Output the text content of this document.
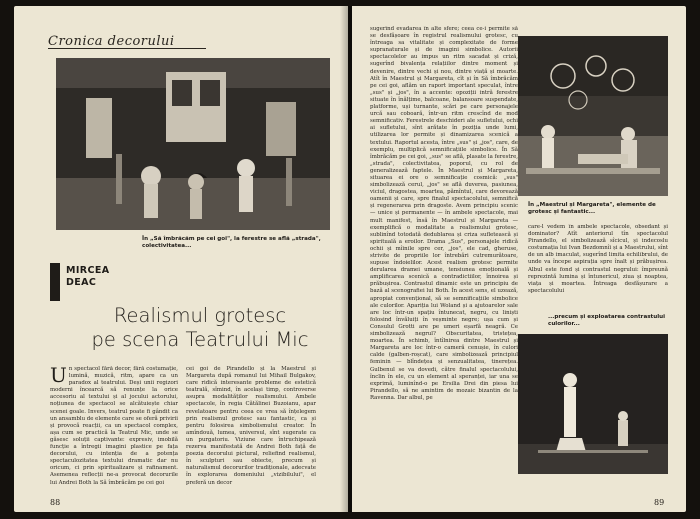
Cronica decorului
În „Să îmbrăcăm pe cei goi", la ferestre se află „strada", colectivitatea...
MIRCEA
DEAC
Realismul grotesc
pe scena Teatrului Mic
U n spectacol fără decor, fără costumație, lumină, muzică, ritm, apare ca un paradox al teatrului. Deși unii regizori moderni încearcă să renunțe la orice accesoriu al textului și al jocului actorului, noțiunea de spectacol se alcătuiește chiar scenei goale. Invers, teatrul poate fi gândit ca un ansamblu de elemente care se oferă privirii și provocă reacții, ca un spectacol complex, așa cum se practică la Teatrul Mic, unde se găsesc soluții captivante: expresiv, imobilă funcție a întregii imagini plastice pe fața decorului, cu intenția de a potența spectaculozitatea textului dramatic dar nu oricum, ci prin spiritualizare și rafinament. Asemenea reflecții ne-a provocat decorurile lui Andrei Both la Să îmbrăcăm pe cei goi
cei goi de Pirandello și la Maestrul și Margareta după romanul lui Mihail Bulgakov, care ridică interesante probleme de estetică teatrală, sîmind, în același timp, controverse asupra modalităților realismului. Ambele spectacole, în regia Cătălinei Buzoianu, apar revelatoare pentru ceea ce vrea să înțelegem prin realismul grotesc sau fantastic, ca și pentru folosirea simbolismului creator. În amîndouă, lumea, universul, sînt sugerate ca un purgatoriu. Viziune care întruchipează rezerva manifestată de Andrei Both față de poezia decorului pictural, reliefind realismul, în sculpturi sau obiecte, precum și naturalismul decorurilor tradiționale, adecvate în explorarea domeniului „vizibilului", el preferă un decor
88
sugerînd evadarea în alte sfere; ceea ce-i permite să se desfășoare în registrul realismului grotesc, cu întreaga sa vitalitate și complexitate de forme supranaturale și de imagini simbolice. Autorii spectacolelor au impus un ritm sacadat și criză, sugerînd bivalența relațiilor dintre moment și devenire, dintre vechi și nou, dintre viață și moarte. Atît în Maestrul și Margareta, cît și în Să îmbrăcăm pe cei goi, aflăm un raport important speculat, între „sus" și „jos", în a accente: opoziții intră ferestre situate în înălțime, balcoane, balansoare suspendate, platforme, uși turnante, scări pe care personajele urcă sau coboară, într-un ritm crescînd de mod semnificativ. Ferestrele deschideri ale sufletului, ochi ai sufletului, sînt arătate în poziția unde lumi, utilizarea lor permite și dinamizarea scenică a textului. Raportul acesta, între „sus" și „jos", care, de exemplu, multiplică semnificațiile simbolice. În Să îmbrăcăm pe cei goi, „sus" se află, plasate la ferestre, „strada", colectivitatea, poporul, cu rol de generalizează faptele. În Maestrul și Margareta, situarea ei ore o semnificație cosmică: „sus" simbolizează cerul, „jos" se află duverea, pasiunea, viciul, dragostea, moartea, pămîntul, care devorează oamenii și care, spre finalul spectacolului, semnifică și regenerarea prin dragoste. Avem principiu scenic — unice și permanente — în ambele spectacole, mai mult manifest, însă în Maestrul și Margareta — exemplifică o modalitate a realismului grotesc, sublinînd totodată dedublarea și criza sufletească și spirituală a eroilor. Drama „Sus", personajele ridică ochii și mîinile spre cer, „jos", ele cad, gheruse, strivite de propriile lor întrebări cutremurătoare, supuse îndoielilor. Acest realism grotesc permite derularea dramei umane, tensiunea emoțională și amplificarea scenică a contradictiilor, înnoirea și prăbușirea. Contrastul dinamic este un principiu de bază al scenografiei lui Both. În acest sens, el uzează, apropiat convențional, să se semnificațiile simbolice ale culorilor. Apariția lui Woland și a ajutoarelor sale are loc într-un spațiu întunecat, negru, cu liniști folosind învăluiți în veșminte negre; ușa cum și Consulul Grotti are pe umeri eșarfă neagră. Ce simbolizează negrul? Obscuritatea, tristețea, moartea. În schimb, întîlnirea dintre Maestrul și Margareta are loc într-o cameră cenușie, în culori calde (galben-roșcat), care simbolizează principiul feminin — blîndețea și senzualitatea, tinerețea. Gulbenul se va dovedi, către finalul spectacolului, înclin în ele, cu un element al speranței, iar una se exprimă, luminînd-o pe Ersilia Drei din piesa lui Pirandello, să ne amintim de mozaic bizantin de la Ravenna. Dar albul, pe
În „Maestrul și Margareta", elemente de grotesc și fantastic...
care-l vedem în ambele spectacole, obsedant și dominator? Atît anteriorul tîn spectacolul Pirandello, el simbolizează sîcicul, și indecoslu costumația lui Ivan Bezdomnîi și a Maestrului, sînt de un alb imaculat, sugerînd limita echilibrului, de unde va începe aspirația spre înalt și prăbușirea. Albul este fond și contrastul negrului: împreună reprezintă lumina și întunericul, ziua și noaptea, viața și moartea. Întreaga desfășurare a spectacolului
...precum și exploatarea contrastului culorilor...
89
